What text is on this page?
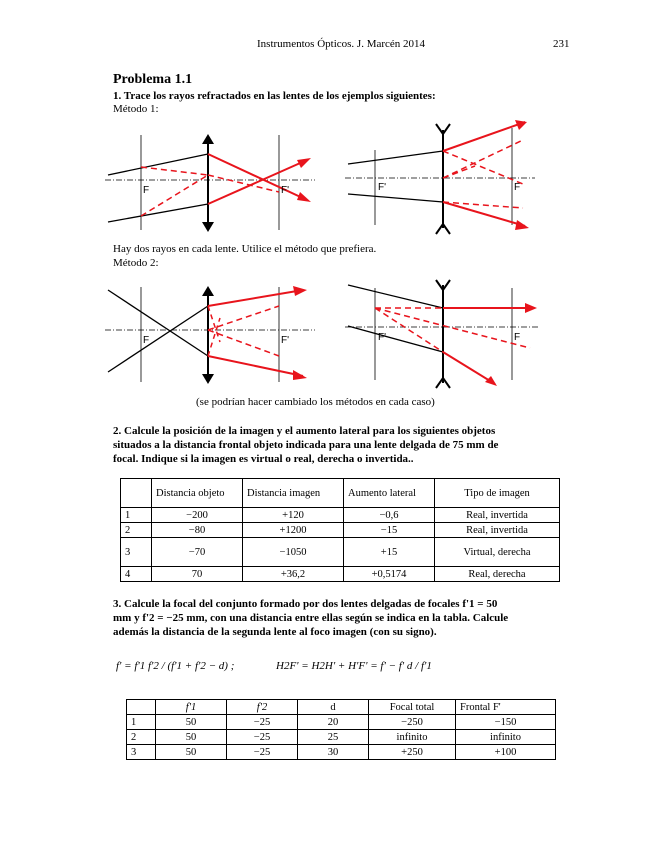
Instrumentos Ópticos. J. Marcén 2014	231
Problema 1.1
1. Trace los rayos refractados en las lentes de los ejemplos siguientes:
Método 1:
F	F'	F'	F
Hay dos rayos en cada lente. Utilice el método que prefiera.
Método 2:
F	F'	F'	F
(se podrían hacer cambiado los métodos en cada caso)
2. Calcule la posición de la imagen y el aumento lateral para los siguientes objetos
situados a la distancia frontal objeto indicada para una lente delgada de 75 mm de
focal. Indique si la imagen es virtual o real, derecha o invertida..
	Distancia objeto	Distancia imagen	Aumento lateral	Tipo de imagen
1	−200	+120	−0,6	Real, invertida
2	−80	+1200	−15	Real, invertida
3	−70	−1050	+15	Virtual, derecha
4	70	+36,2	+0,5174	Real, derecha
3. Calcule la focal del conjunto formado por dos lentes delgadas de focales f'1 = 50
mm y f'2 = −25 mm, con una distancia entre ellas según se indica en la tabla. Calcule
además la distancia de la segunda lente al foco imagen (con su signo).
f' = f'1 f'2 / (f'1 + f'2 − d) ;	H2F' = H2H' + H'F' = f' − f' d / f'1
	f'1	f'2	d	Focal total	Frontal F'
1	50	−25	20	−250	−150
2	50	−25	25	infinito	infinito
3	50	−25	30	+250	+100
